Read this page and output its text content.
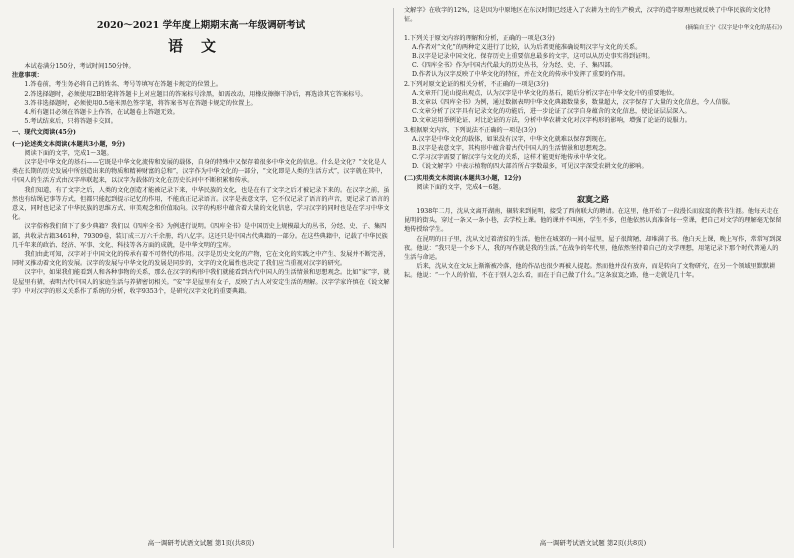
2020～2021 学年度上期期末高一年级调研考试
语文

本试卷满分150分，考试时间150分钟。

注意事项：

1.答卷前，考生务必将自己的姓名、考号等填写在答题卡规定的位置上。

2.答选择题时，必须使用2B铅笔将答题卡上对应题目的答案标号涂黑，如需改动，用橡皮擦擦干净后，再选涂其它答案标号。

3.答非选择题时，必须使用0.5毫米黑色签字笔，将答案书写在答题卡规定的位置上。

4.所有题目必须在答题卡上作答，在试题卷上答题无效。

5.考试结束后，只将答题卡交回。

一、现代文阅读(45分)

(一)论述类文本阅读(本题共3小题，9分)

阅读下面的文字，完成1～3题。

汉字是中华文化的基石——它既是中华文化流传和发展的载体，自身的特殊中又保存着很多中华文化的信息。什么是文化？“文化是人类在长期的历史发展中所创造出来的物质和精神财富的总和”，汉字作为中华文化的一部分，“文化即是人类的生活方式”，汉字就在其中，中国人的生活方式由汉字串联起来，以汉字为载体的文化在历史长河中不断积累和传承。

我们知道，有了文字之后，人类的文化创造才能被记录下来，中华民族的文化，也是在有了文字之后才被记录下来的。在汉字之前，虽然也有结绳记事等方式，但都只能起到提示记忆的作用，不能真正记录语言。汉字是表意文字，它不仅记录了语言的声音，更记录了语言的意义，同时也记录了中华民族的思维方式、审美观念和价值取向。汉字的构形中蕴含着大量的文化信息，学习汉字的同时也是在学习中华文化。

汉字俗称我们留下了多少典籍？我们以《四库全书》为例进行说明。《四库全书》是中国历史上规模最大的丛书，分经、史、子、集四部，共收录古籍3461种，79309卷，装订成三万六千余册，约八亿字。这还只是中国古代典籍的一部分。在这些典籍中，记载了中华民族几千年来的政治、经济、军事、文化、科技等各方面的成就，是中华文明的宝库。

我们由此可知，汉字对于中国文化的传承有着不可替代的作用。汉字是历史文化的产物，它在文化的实践之中产生、发展并不断完善，同时又推动着文化的发展。汉字的发展与中华文化的发展是同步的，文字的文化属性也决定了我们应当重视对汉字的研究。

汉字中，如果我们能看到人和各种事物的关系，那么在汉字的构形中我们就能看到古代中国人的生活情景和思想观念。比如“家”字，就是屋里有猪，表明古代中国人的家庭生活与养猪密切相关。“安”字是屋里有女子，反映了古人对安定生活的理解。汉字学家许慎在《说文解字》中对汉字的形义关系作了系统的分析，收字9353个，是研究汉字文化的重要典籍。

高一调研考试语文试题 第1页(共8页)

文解字》在收字的12%，这是因为中原地区在东汉时期已经进入了农耕为主的生产模式，汉字的造字原理也就反映了中华民族的文化特征。

(摘编自王宁《汉字是中华文化的基石》)

1.下列关于原文内容的理解和分析，正确的一项是(3分)

A.作者对“文化”的两种定义进行了比较，认为后者更能准确说明汉字与文化的关系。

B.汉字是记录中国文化、保存历史上重要信息最多的文字，这可以从历史事实得到证明。

C.《四库全书》作为中国古代最大的历史丛书，分为经、史、子、集四部。

D.作者认为汉字反映了中华文化的特征，并在文化的传承中发挥了重要的作用。

2.下列对原文论证的相关分析，不正确的一项是(3分)

A.文章开门见山提出观点，认为汉字是中华文化的基石，随后分析汉字在中华文化中的重要地位。

B.文章以《四库全书》为例，通过数据表明中华文化典籍数量多，数量超大，汉字保存了大量的文化信息，令人信服。

C.文章分析了汉字具有记录文化的功能后，进一步论证了汉字自身蕴含的文化信息，使论证层层深入。

D.文章运用举例论证、对比论证的方法，分析中华农耕文化对汉字构形的影响，增强了论证的说服力。

3.根据原文内容，下列说法不正确的一项是(3分)

A.汉字是中华文化的载体，如果没有汉字，中华文化就难以保存到现在。

B.汉字是表意文字，其构形中蕴含着古代中国人的生活情景和思想观念。

C.学习汉字需要了解汉字与文化的关系，这样才能更好地传承中华文化。

D.《说文解字》中表示植物的四大部首所占字数最多，可见汉字深受农耕文化的影响。

(二)实用类文本阅读(本题共3小题，12分)

阅读下面的文字，完成4～6题。

寂寞之路

1938年二月，沈从文离开湖南，辗转来到昆明，接受了西南联大的聘请。在这里，他开始了一段漫长而寂寞的教书生涯。他每天走在昆明的街头，穿过一条又一条小巷，去学校上课。他的课并不叫座，学生不多，但他依然认真准备每一堂课，把自己对文学的理解毫无保留地传授给学生。

在昆明的日子里，沈从文过着清贫的生活。他住在城郊的一间小屋里，屋子很简陋，却堆满了书。他白天上课，晚上写作，常常写到深夜。他说：“我只是一个乡下人，我的写作就是我的生活。”在战争的年代里，他依然坚持着自己的文学理想，用笔记录下那个时代普通人的生活与命运。

后来，沈从文在文坛上渐渐被冷落，他的作品也很少再被人提起。然而他并没有放弃，而是转向了文物研究，在另一个领域里默默耕耘。他说：“一个人的价值，不在于别人怎么看，而在于自己做了什么。”这条寂寞之路，他一走就是几十年。

高一调研考试语文试题 第2页(共8页)
